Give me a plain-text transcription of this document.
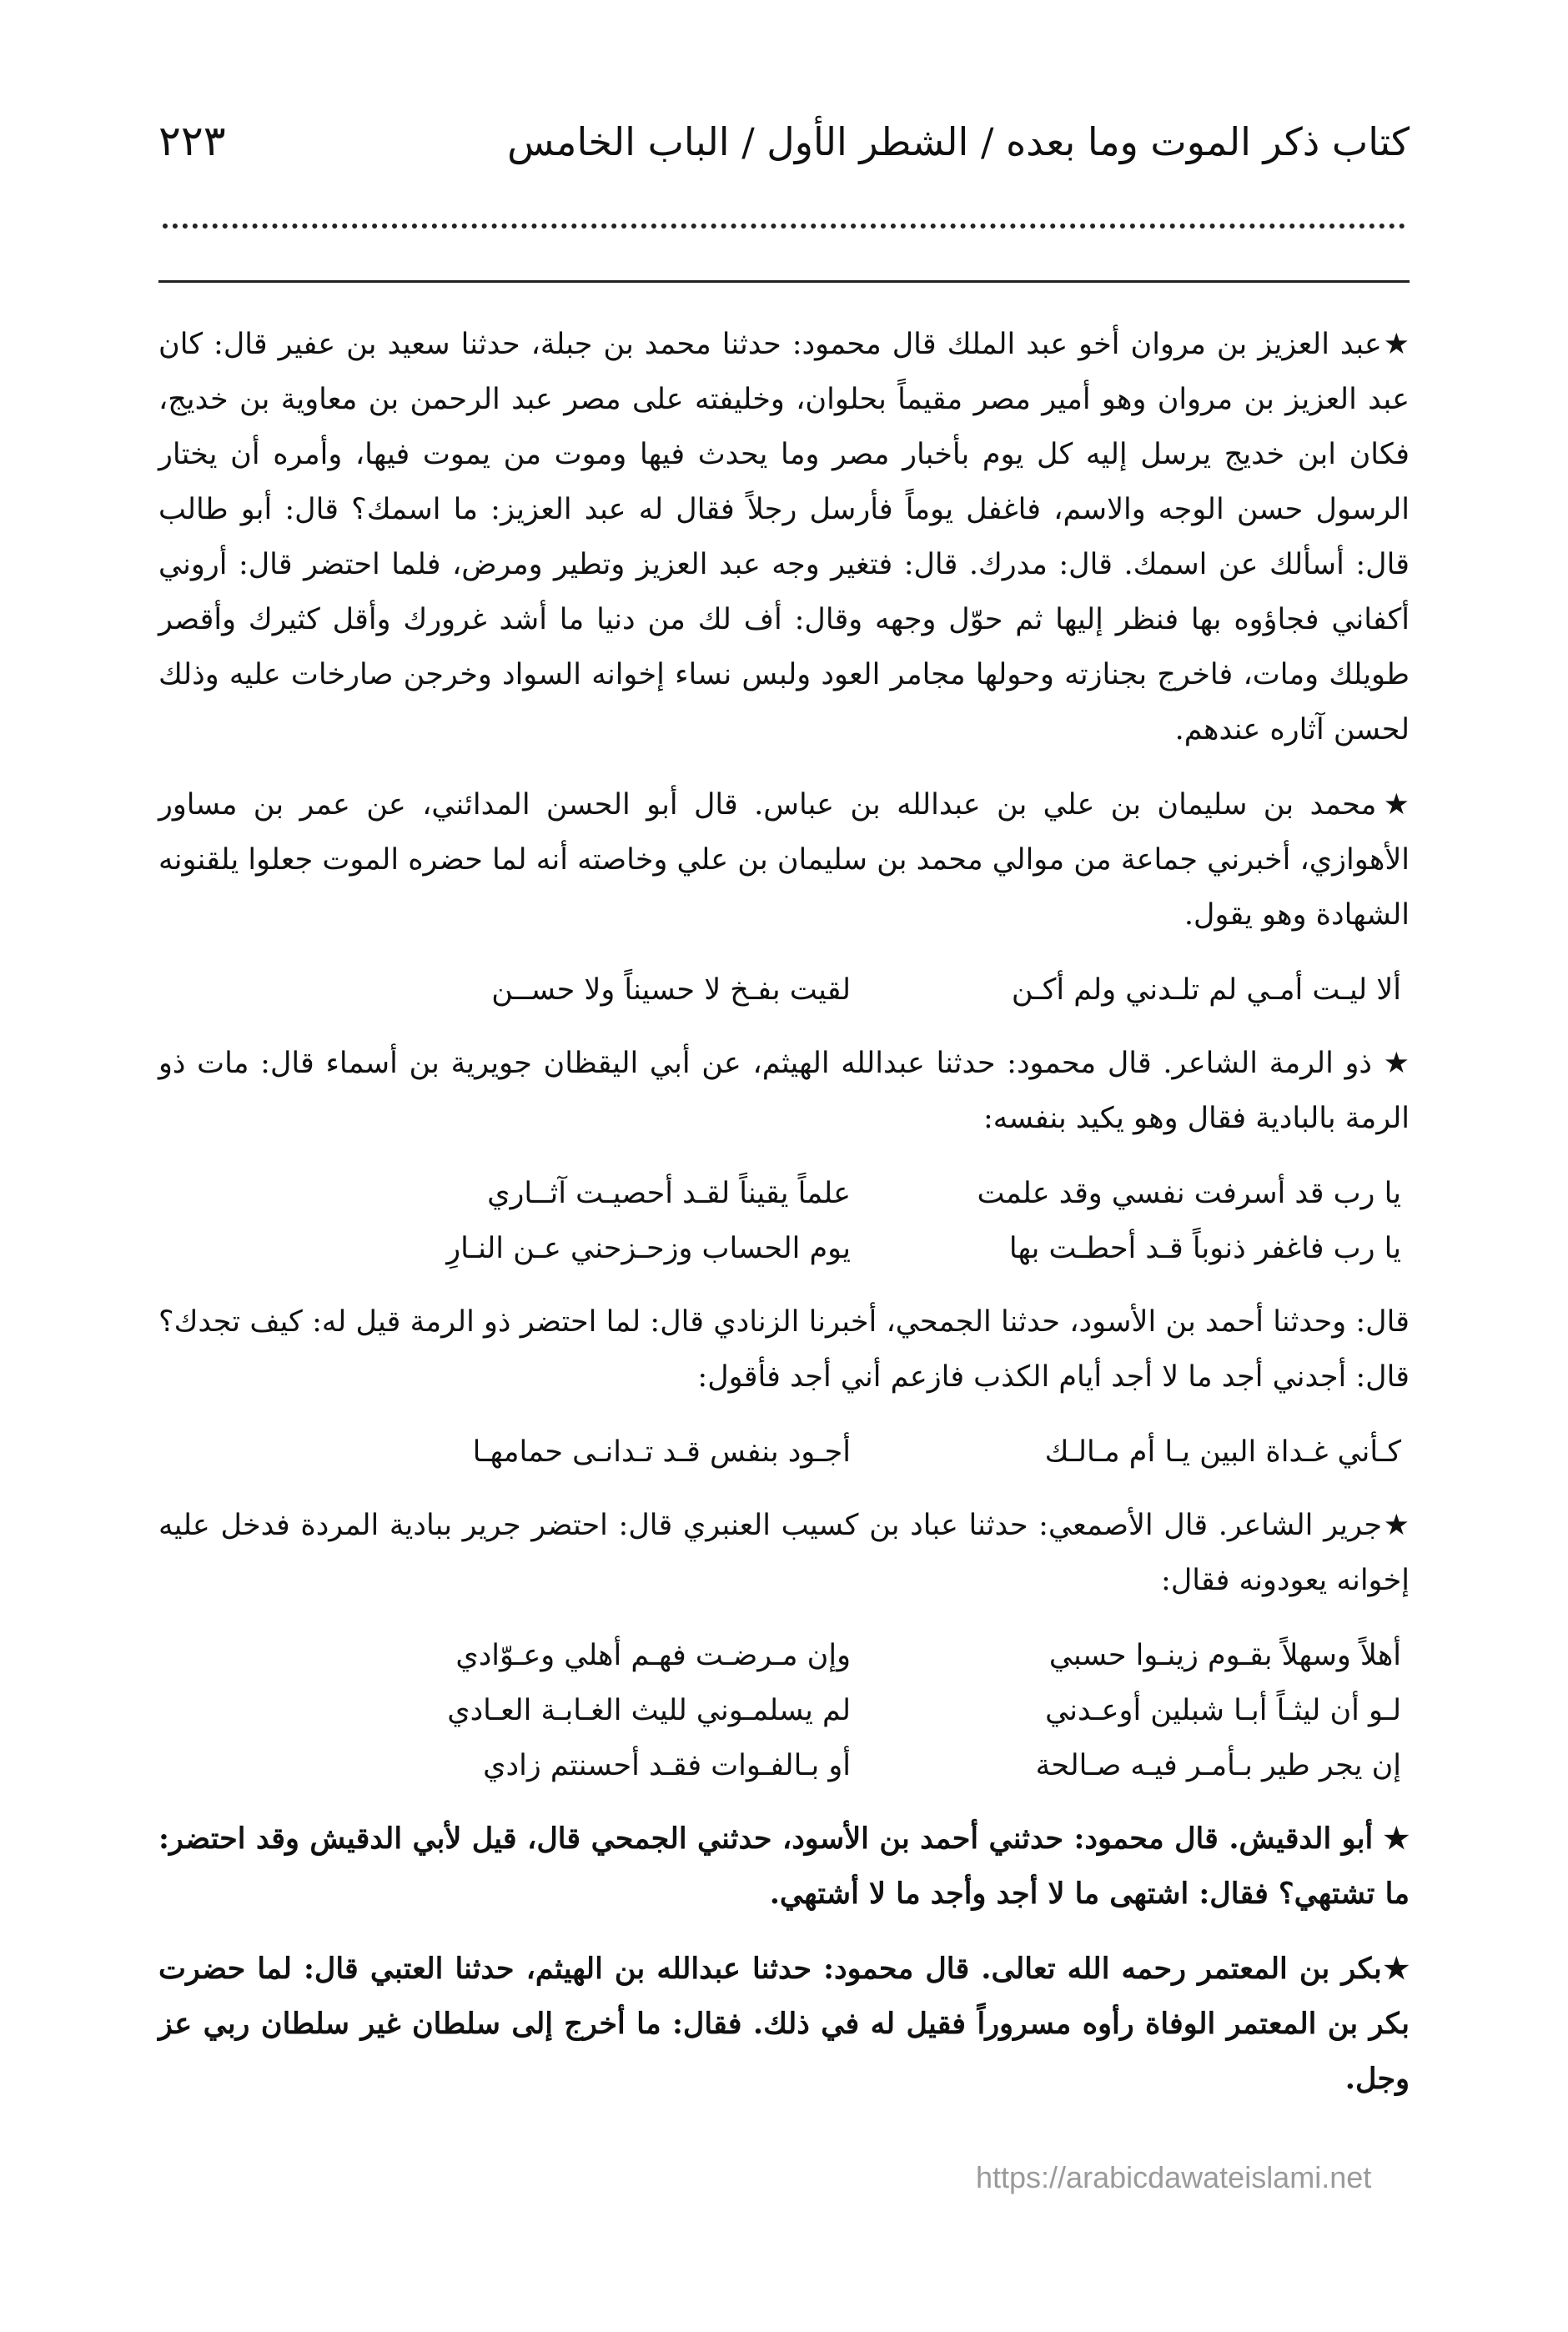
كتاب ذكر الموت وما بعده / الشطر الأول / الباب الخامس
٢٢٣

★عبد العزيز بن مروان أخو عبد الملك قال محمود: حدثنا محمد بن جبلة، حدثنا سعيد بن عفير قال: كان عبد العزيز بن مروان وهو أمير مصر مقيماً بحلوان، وخليفته على مصر عبد الرحمن بن معاوية بن خديج، فكان ابن خديج يرسل إليه كل يوم بأخبار مصر وما يحدث فيها وموت من يموت فيها، وأمره أن يختار الرسول حسن الوجه والاسم، فاغفل يوماً فأرسل رجلاً فقال له عبد العزيز: ما اسمك؟ قال: أبو طالب قال: أسألك عن اسمك. قال: مدرك. قال: فتغير وجه عبد العزيز وتطير ومرض، فلما احتضر قال: أروني أكفاني فجاؤوه بها فنظر إليها ثم حوّل وجهه وقال: أف لك من دنيا ما أشد غرورك وأقل كثيرك وأقصر طويلك ومات، فاخرج بجنازته وحولها مجامر العود ولبس نساء إخوانه السواد وخرجن صارخات عليه وذلك لحسن آثاره عندهم.

★محمد بن سليمان بن علي بن عبدالله بن عباس. قال أبو الحسن المدائني، عن عمر بن مساور الأهوازي، أخبرني جماعة من موالي محمد بن سليمان بن علي وخاصته أنه لما حضره الموت جعلوا يلقنونه الشهادة وهو يقول.

ألا ليـت أمـي لم تلـدني ولم أكـن
لقيت بفـخ لا حسيناً ولا حســن

★ ذو الرمة الشاعر. قال محمود: حدثنا عبدالله الهيثم، عن أبي اليقظان جويرية بن أسماء قال: مات ذو الرمة بالبادية فقال وهو يكيد بنفسه:

يا رب قد أسرفت نفسي وقد علمت
علماً يقيناً لقـد أحصيـت آثــاري
يا رب فاغفر ذنوباً قـد أحطـت بها
يوم الحساب وزحـزحني عـن النـارِ

قال: وحدثنا أحمد بن الأسود، حدثنا الجمحي، أخبرنا الزنادي قال: لما احتضر ذو الرمة قيل له: كيف تجدك؟ قال: أجدني أجد ما لا أجد أيام الكذب فازعم أني أجد فأقول:

كـأني غـداة البين يـا أم مـالـك
أجـود بنفس قـد تـدانـى حمامهـا

★جرير الشاعر. قال الأصمعي: حدثنا عباد بن كسيب العنبري قال: احتضر جرير ببادية المردة فدخل عليه إخوانه يعودونه فقال:

أهلاً وسهلاً بقـوم زينـوا حسبي
وإن مـرضـت فهـم أهلي وعـوّادي
لـو أن ليثـاً أبـا شبلين أوعـدني
لم يسلمـوني لليث الغـابـة العـادي
إن يجر طير بـأمـر فيـه صـالحة
أو بـالفـوات فقـد أحسنتم زادي

★ أبو الدقيش. قال محمود: حدثني أحمد بن الأسود، حدثني الجمحي قال، قيل لأبي الدقيش وقد احتضر: ما تشتهي؟ فقال: اشتهى ما لا أجد وأجد ما لا أشتهي.

★بكر بن المعتمر رحمه الله تعالى. قال محمود: حدثنا عبدالله بن الهيثم، حدثنا العتبي قال: لما حضرت بكر بن المعتمر الوفاة رأوه مسروراً فقيل له في ذلك. فقال: ما أخرج إلى سلطان غير سلطان ربي عز وجل.

https://arabicdawateislami.net
